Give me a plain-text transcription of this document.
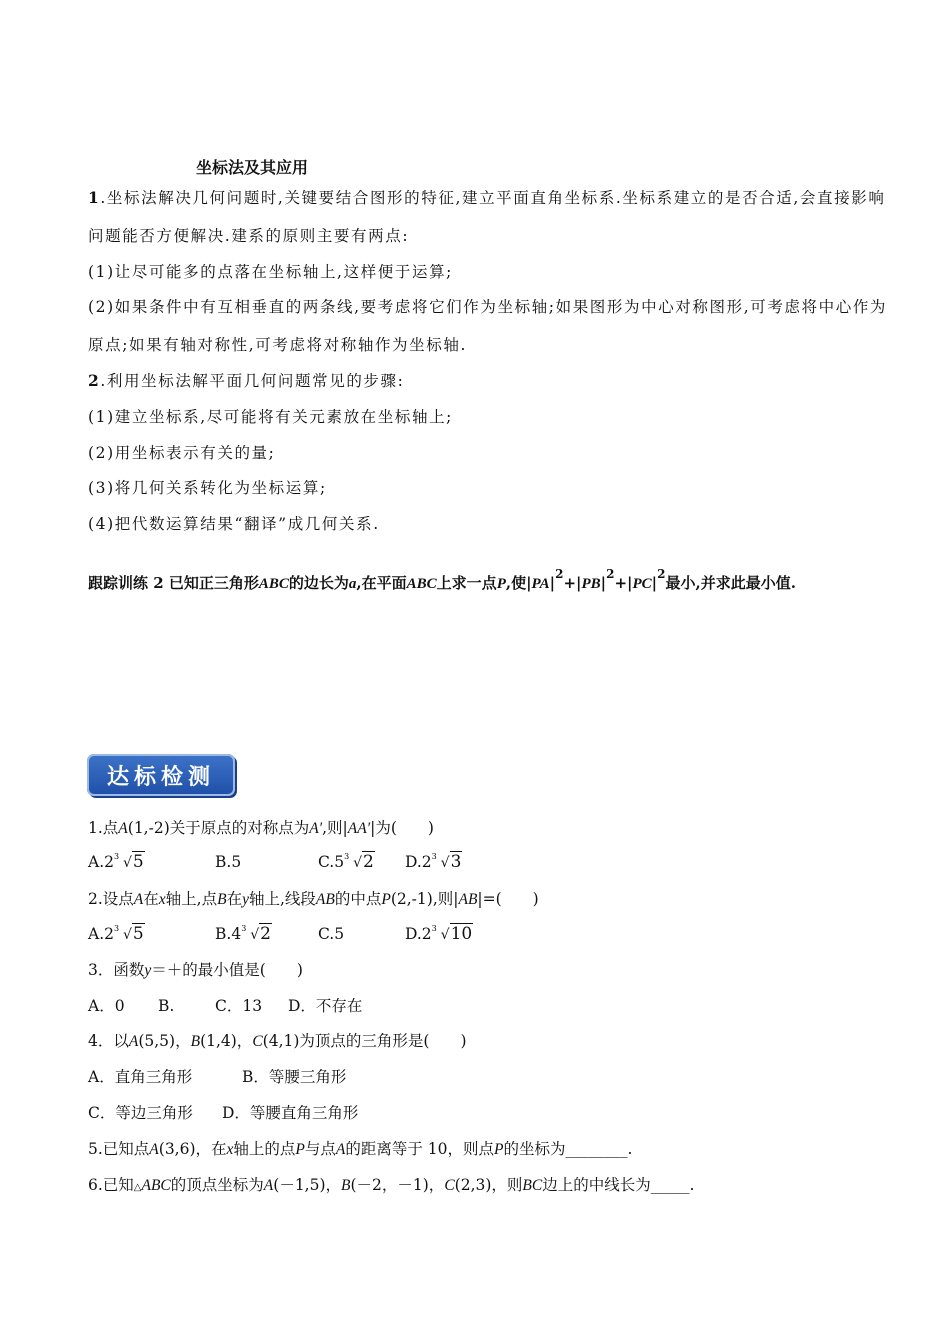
坐标法及其应用
1.坐标法解决几何问题时,关键要结合图形的特征,建立平面直角坐标系.坐标系建立的是否合适,会直接影响
问题能否方便解决.建系的原则主要有两点:
(1)让尽可能多的点落在坐标轴上,这样便于运算;
(2)如果条件中有互相垂直的两条线,要考虑将它们作为坐标轴;如果图形为中心对称图形,可考虑将中心作为
原点;如果有轴对称性,可考虑将对称轴作为坐标轴.
2.利用坐标法解平面几何问题常见的步骤:
(1)建立坐标系,尽可能将有关元素放在坐标轴上;
(2)用坐标表示有关的量;
(3)将几何关系转化为坐标运算;
(4)把代数运算结果“翻译”成几何关系.
跟踪训练 2 已知正三角形ABC的边长为a,在平面ABC上求一点P,使$|PA|^2+|PB|^2+|PC|^2$最小,并求此最小值.
达标检测
1.点A(1,-2)关于原点的对称点为A′,则|AA′|为(　　)
A.2 3 √5	B.5	C.5 3 √2 D.2 3 √3
2.设点A在x轴上,点B在y轴上,线段AB的中点P(2,-1),则|AB|=(　　)
A.2 3 √5	B.4 3 √2	C.5	D.2 3 √10
3．函数y＝＋的最小值是(　　)
A．0 B.	C．13 D．不存在
4．以A(5,5)，B(1,4)，C(4,1)为顶点的三角形是(　　)
A．直角三角形	B．等腰三角形
C．等边三角形 D．等腰直角三角形
5.已知点A(3,6)，在x轴上的点P与点A的距离等于 10，则点P的坐标为________.
6.已知△ABC的顶点坐标为A(－1,5)，B(－2，－1)，C(2,3)，则BC边上的中线长为_____.
